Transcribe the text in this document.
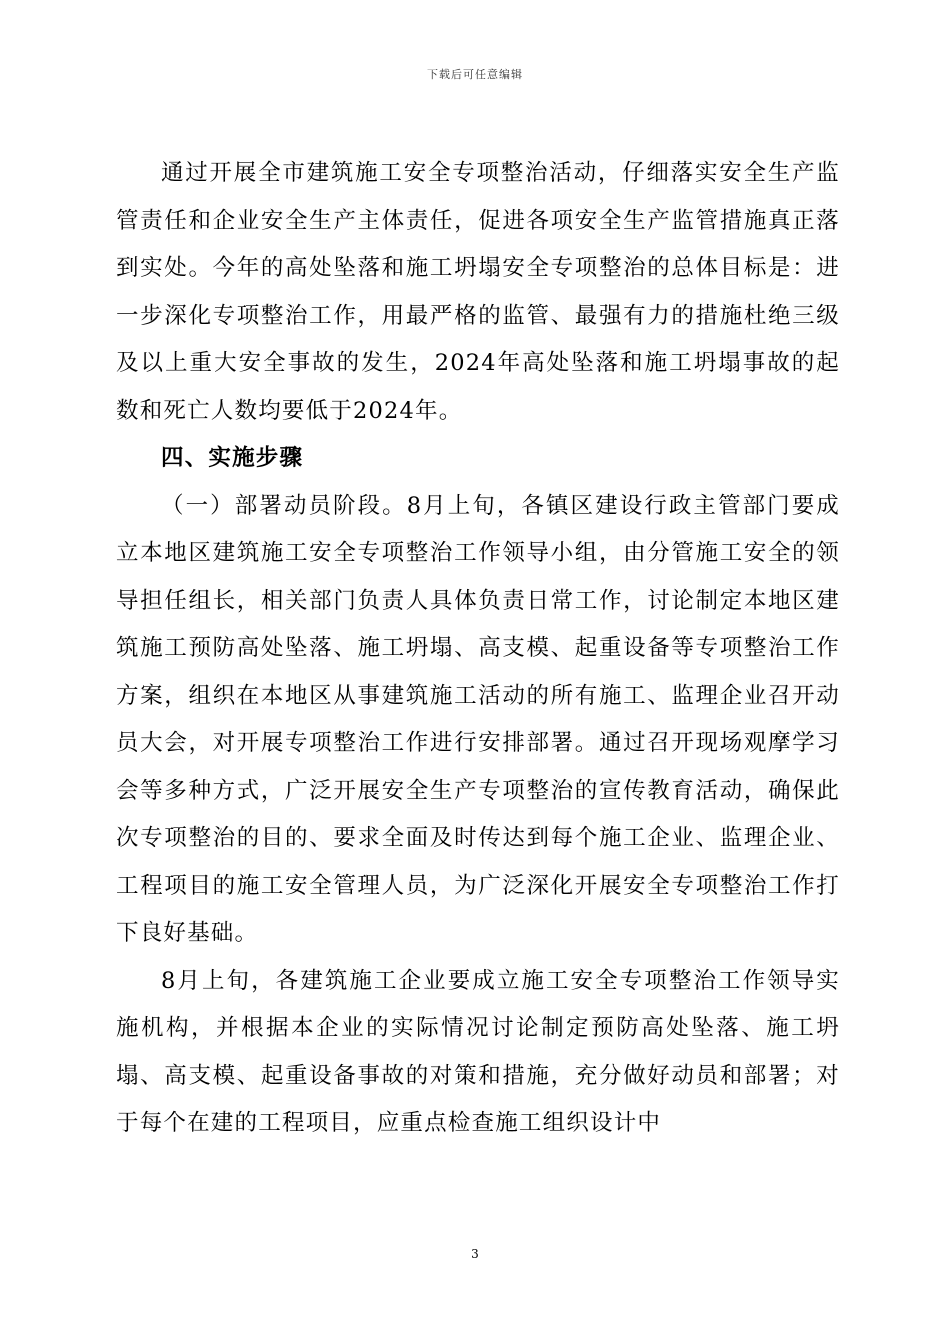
下载后可任意编辑

通过开展全市建筑施工安全专项整治活动，仔细落实安全生产监管责任和企业安全生产主体责任，促进各项安全生产监管措施真正落到实处。今年的高处坠落和施工坍塌安全专项整治的总体目标是：进一步深化专项整治工作，用最严格的监管、最强有力的措施杜绝三级及以上重大安全事故的发生，2024年高处坠落和施工坍塌事故的起数和死亡人数均要低于2024年。

四、实施步骤

（一）部署动员阶段。8月上旬，各镇区建设行政主管部门要成立本地区建筑施工安全专项整治工作领导小组，由分管施工安全的领导担任组长，相关部门负责人具体负责日常工作，讨论制定本地区建筑施工预防高处坠落、施工坍塌、高支模、起重设备等专项整治工作方案，组织在本地区从事建筑施工活动的所有施工、监理企业召开动员大会，对开展专项整治工作进行安排部署。通过召开现场观摩学习会等多种方式，广泛开展安全生产专项整治的宣传教育活动，确保此次专项整治的目的、要求全面及时传达到每个施工企业、监理企业、工程项目的施工安全管理人员，为广泛深化开展安全专项整治工作打下良好基础。

8月上旬，各建筑施工企业要成立施工安全专项整治工作领导实施机构，并根据本企业的实际情况讨论制定预防高处坠落、施工坍塌、高支模、起重设备事故的对策和措施，充分做好动员和部署；对于每个在建的工程项目，应重点检查施工组织设计中

3
